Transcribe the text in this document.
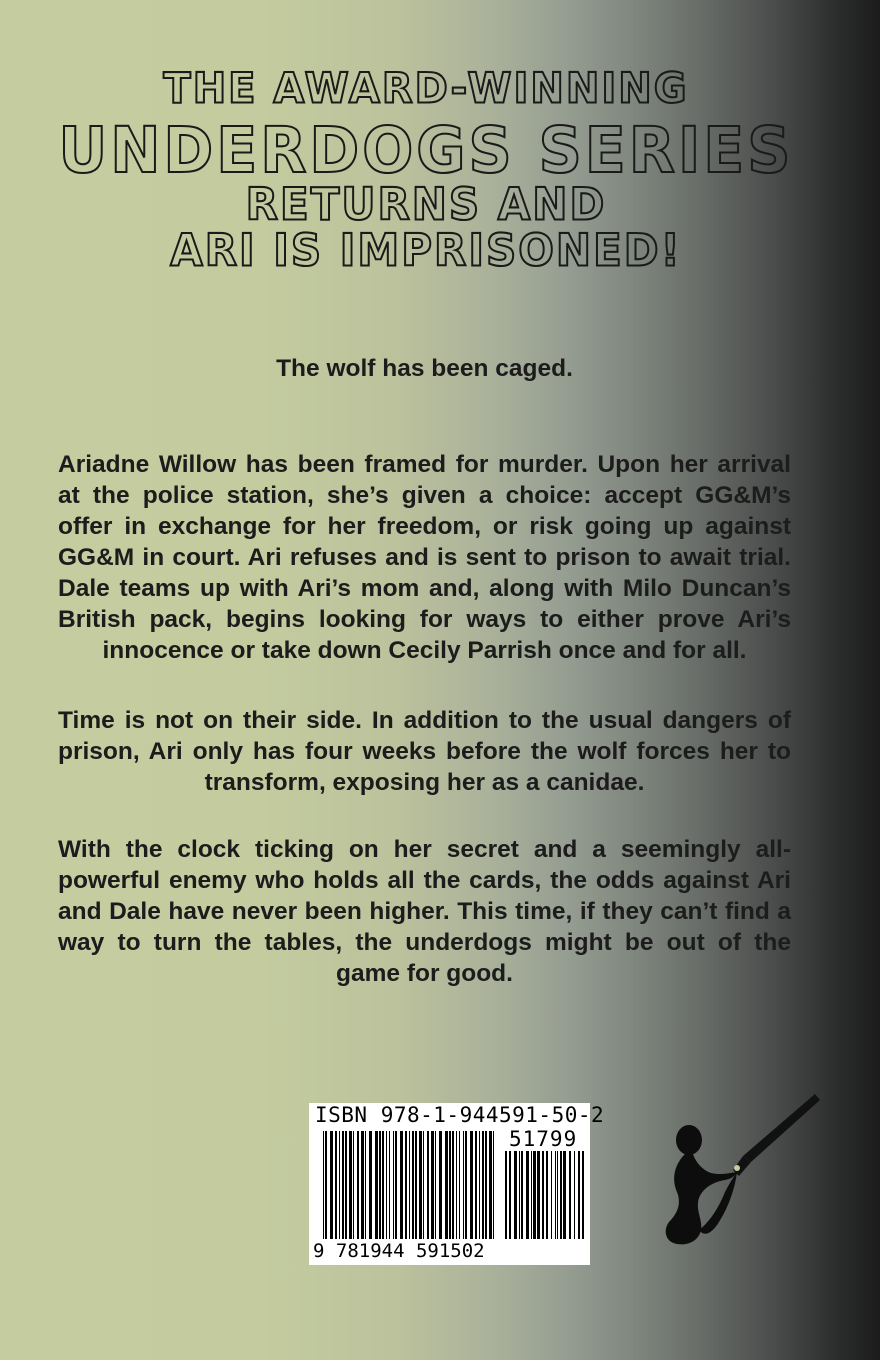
THE AWARD-WINNING
UNDERDOGS SERIES
RETURNS AND
ARI IS IMPRISONED!
The wolf has been caged.
Ariadne Willow has been framed for murder. Upon her arrival at the police station, she’s given a choice: accept GG&M’s offer in exchange for her freedom, or risk going up against GG&M in court. Ari refuses and is sent to prison to await trial. Dale teams up with Ari’s mom and, along with Milo Duncan’s British pack, begins looking for ways to either prove Ari’s innocence or take down Cecily Parrish once and for all.
Time is not on their side. In addition to the usual dangers of prison, Ari only has four weeks before the wolf forces her to transform, exposing her as a canidae.
With the clock ticking on her secret and a seemingly allpowerful enemy who holds all the cards, the odds against Ari and Dale have never been higher. This time, if they can’t find a way to turn the tables, the underdogs might be out of the game for good.
ISBN 978-1-944591-50-2
51799
9 781944 591502
